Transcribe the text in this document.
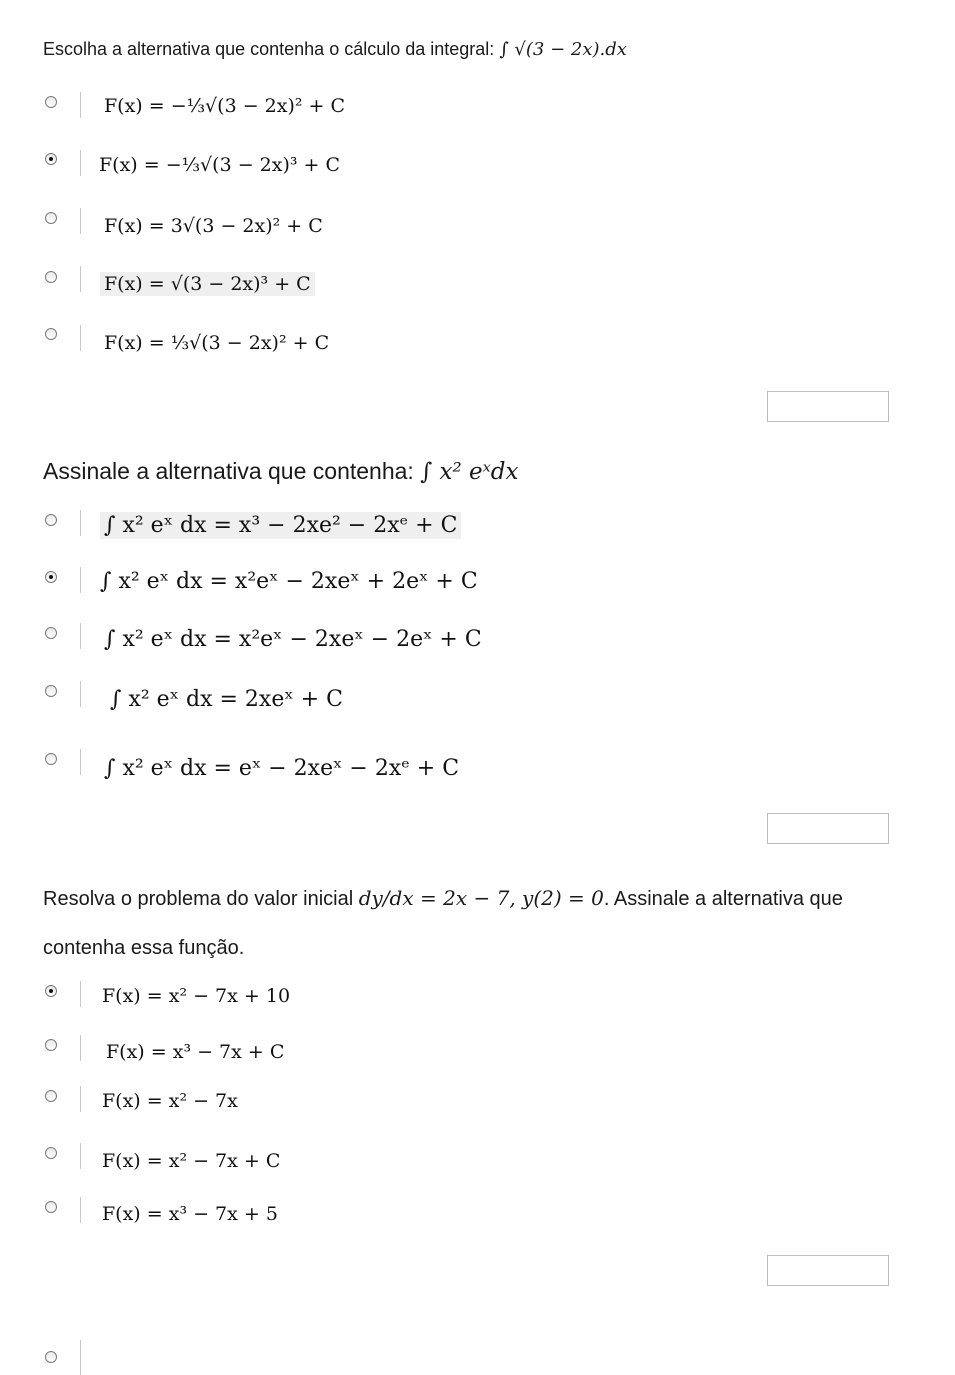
Escolha a alternativa que contenha o cálculo da integral: ∫ √(3 − 2x).dx
F(x) = −⅓√(3 − 2x)² + C
F(x) = −⅓√(3 − 2x)³ + C
F(x) = 3√(3 − 2x)² + C
F(x) = √(3 − 2x)³ + C
F(x) = ⅓√(3 − 2x)² + C
Assinale a alternativa que contenha: ∫ x² eˣdx
∫ x² eˣ dx = x³ − 2xe² − 2xᵉ + C
∫ x² eˣ dx = x²eˣ − 2xeˣ + 2eˣ + C
∫ x² eˣ dx = x²eˣ − 2xeˣ − 2eˣ + C
∫ x² eˣ dx = 2xeˣ + C
∫ x² eˣ dx = eˣ − 2xeˣ − 2xᵉ + C
Resolva o problema do valor inicial dy/dx = 2x − 7, y(2) = 0. Assinale a alternativa que
contenha essa função.
F(x) = x² − 7x + 10
F(x) = x³ − 7x + C
F(x) = x² − 7x
F(x) = x² − 7x + C
F(x) = x³ − 7x + 5
